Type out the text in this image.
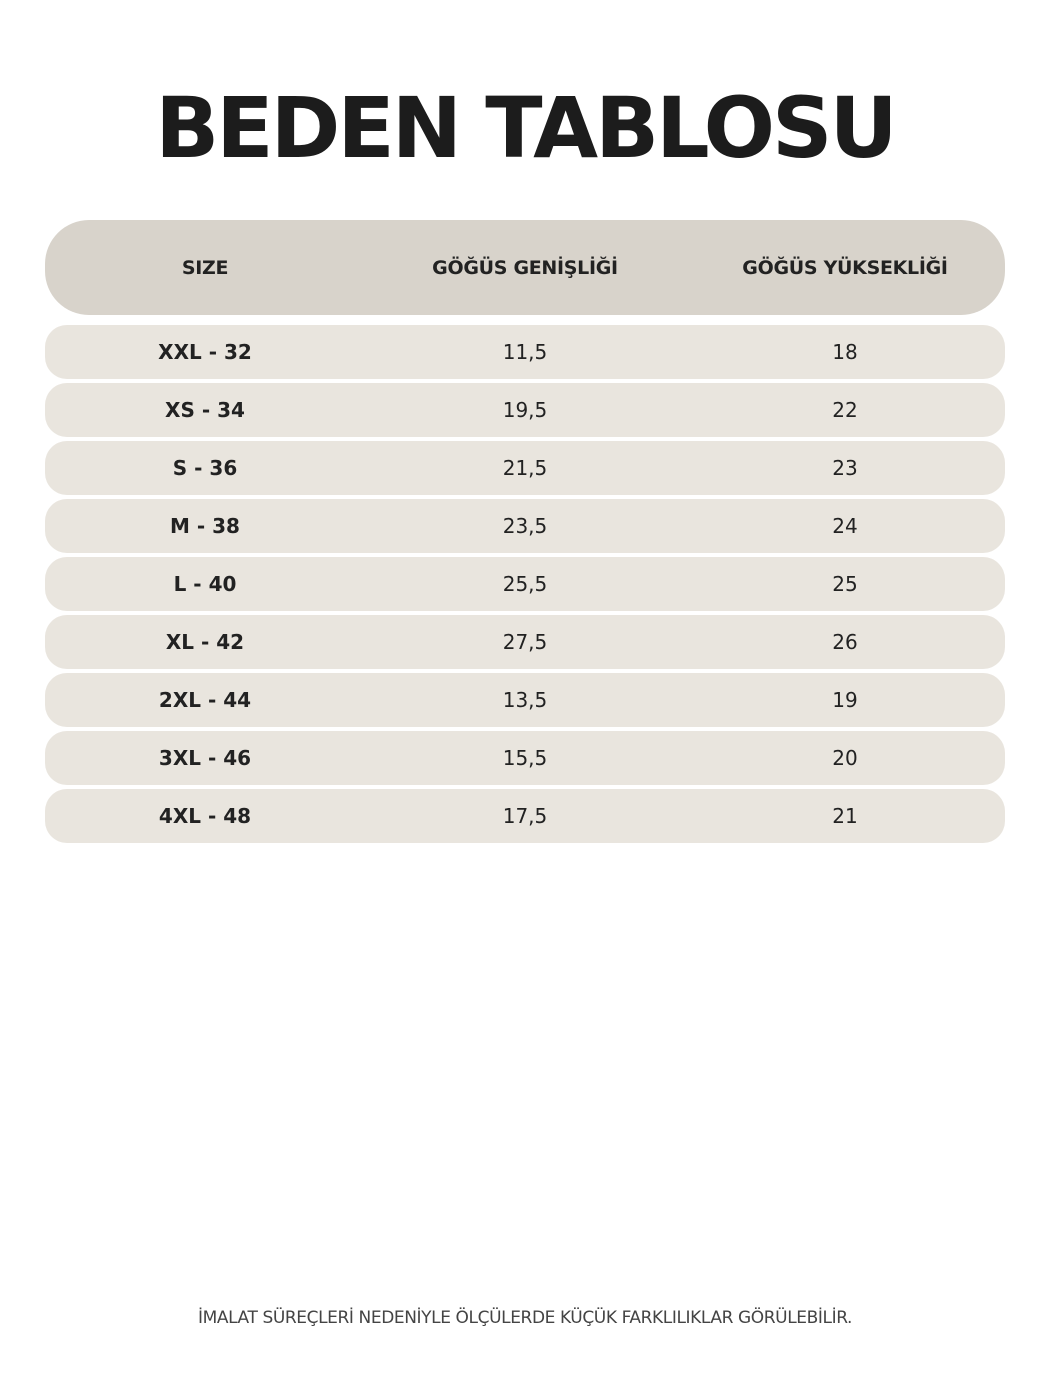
BEDEN TABLOSU
SIZE	GÖĞÜS GENİŞLİĞİ	GÖĞÜS YÜKSEKLİĞİ
XXL - 32	11,5	18
XS - 34	19,5	22
S - 36	21,5	23
M - 38	23,5	24
L - 40	25,5	25
XL - 42	27,5	26
2XL - 44	13,5	19
3XL - 46	15,5	20
4XL - 48	17,5	21

İMALAT SÜREÇLERİ NEDENİYLE ÖLÇÜLERDE KÜÇÜK FARKLILIKLAR GÖRÜLEBİLİR.
